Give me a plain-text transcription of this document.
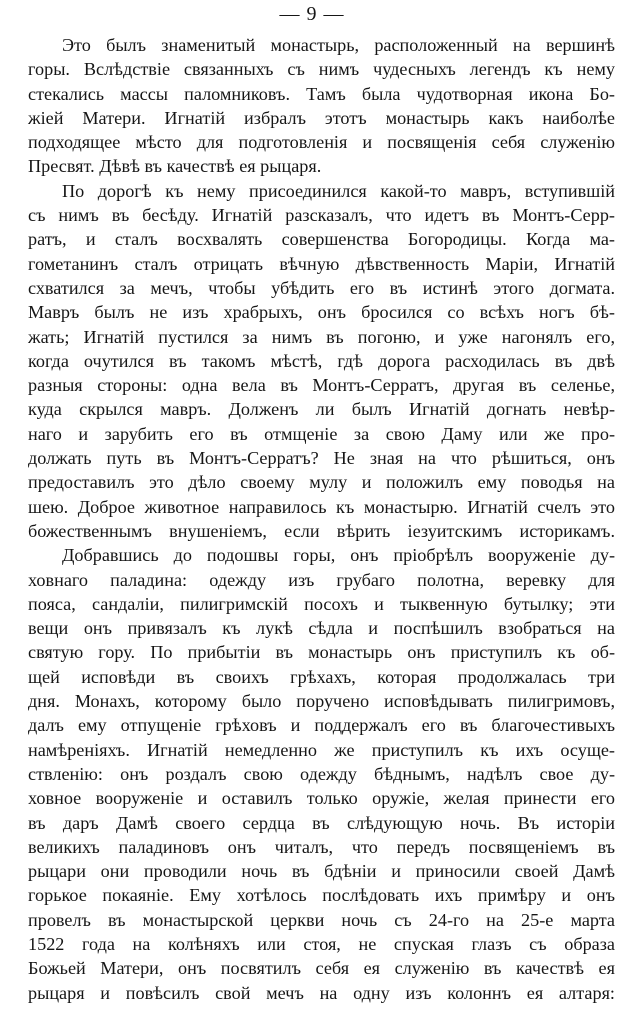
— 9 —
Это былъ знаменитый монастырь, расположенный на вершинѣ
горы. Вслѣдствіе связанныхъ съ нимъ чудесныхъ легендъ къ нему
стекались массы паломниковъ. Тамъ была чудотворная икона Бо-
жіей Матери. Игнатій избралъ этотъ монастырь какъ наиболѣе
подходящее мѣсто для подготовленія и посвященія себя служенію
Пресвят. Дѣвѣ въ качествѣ ея рыцаря.
По дорогѣ къ нему присоединился какой-то мавръ, вступившій
съ нимъ въ бесѣду. Игнатій разсказалъ, что идетъ въ Монтъ-Серр-
ратъ, и сталъ восхвалять совершенства Богородицы. Когда ма-
гометанинъ сталъ отрицать вѣчную дѣвственность Маріи, Игнатій
схватился за мечъ, чтобы убѣдить его въ истинѣ этого догмата.
Мавръ былъ не изъ храбрыхъ, онъ бросился со всѣхъ ногъ бѣ-
жать; Игнатій пустился за нимъ въ погоню, и уже нагонялъ его,
когда очутился въ такомъ мѣстѣ, гдѣ дорога расходилась въ двѣ
разныя стороны: одна вела въ Монтъ-Серратъ, другая въ селенье,
куда скрылся мавръ. Долженъ ли былъ Игнатій догнать невѣр-
наго и зарубить его въ отмщеніе за свою Даму или же про-
должать путь въ Монтъ-Серратъ? Не зная на что рѣшиться, онъ
предоставилъ это дѣло своему мулу и положилъ ему поводья на
шею. Доброе животное направилось къ монастырю. Игнатій счелъ это
божественнымъ внушеніемъ, если вѣрить іезуитскимъ историкамъ.
Добравшись до подошвы горы, онъ пріобрѣлъ вооруженіе ду-
ховнаго паладина: одежду изъ грубаго полотна, веревку для
пояса, сандаліи, пилигримскій посохъ и тыквенную бутылку; эти
вещи онъ привязалъ къ лукѣ сѣдла и поспѣшилъ взобраться на
святую гору. По прибытіи въ монастырь онъ приступилъ къ об-
щей исповѣди въ своихъ грѣхахъ, которая продолжалась три
дня. Монахъ, которому было поручено исповѣдывать пилигримовъ,
далъ ему отпущеніе грѣховъ и поддержалъ его въ благочестивыхъ
намѣреніяхъ. Игнатій немедленно же приступилъ къ ихъ осуще-
ствленію: онъ роздалъ свою одежду бѣднымъ, надѣлъ свое ду-
ховное вооруженіе и оставилъ только оружіе, желая принести его
въ даръ Дамѣ своего сердца въ слѣдующую ночь. Въ исторіи
великихъ паладиновъ онъ читалъ, что передъ посвященіемъ въ
рыцари они проводили ночь въ бдѣніи и приносили своей Дамѣ
горькое покаяніе. Ему хотѣлось послѣдовать ихъ примѣру и онъ
провелъ въ монастырской церкви ночь съ 24-го на 25-е марта
1522 года на колѣняхъ или стоя, не спуская глазъ съ образа
Божьей Матери, онъ посвятилъ себя ея служенію въ качествѣ ея
рыцаря и повѣсилъ свой мечъ на одну изъ колоннъ ея алтаря:
